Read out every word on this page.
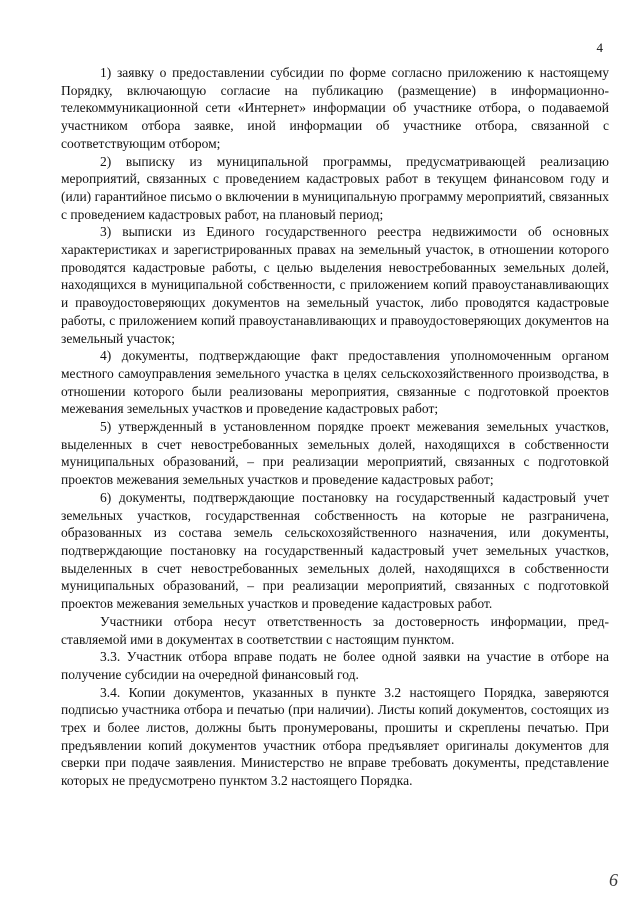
4

1) заявку о предоставлении субсидии по форме согласно приложению к настоящему Порядку, включающую согласие на публикацию (размещение) в информационно-телекоммуникационной сети «Интернет» информации об участнике отбора, о подаваемой участником отбора заявке, иной информации об участнике отбора, связанной с соответствующим отбором;

2) выписку из муниципальной программы, предусматривающей реализацию мероприятий, связанных с проведением кадастровых работ в текущем финансовом году и (или) гарантийное письмо о включении в муниципальную программу мероприятий, связанных с проведением кадастровых работ, на плановый период;

3) выписки из Единого государственного реестра недвижимости об основных характеристиках и зарегистрированных правах на земельный участок, в отношении которого проводятся кадастровые работы, с целью выделения невостребованных земельных долей, находящихся в муниципальной собственности, с приложением копий правоустанавливающих и правоудостоверяющих документов на земельный участок, либо проводятся кадастровые работы, с приложением копий правоустанавливающих и правоудостоверяющих документов на земельный участок;

4) документы, подтверждающие факт предоставления уполномоченным органом местного самоуправления земельного участка в целях сельскохозяйственного производства, в отношении которого были реализованы мероприятия, связанные с подготовкой проектов межевания земельных участков и проведение кадастровых работ;

5) утвержденный в установленном порядке проект межевания земельных участков, выделенных в счет невостребованных земельных долей, находящихся в собственности муниципальных образований, – при реализации мероприятий, связанных с подготовкой проектов межевания земельных участков и проведение кадастровых работ;

6) документы, подтверждающие постановку на государственный кадастровый учет земельных участков, государственная собственность на которые не разграничена, образованных из состава земель сельскохозяйственного назначения, или документы, подтверждающие постановку на государственный кадастровый учет земельных участков, выделенных в счет невостребованных земельных долей, находящихся в собственности муниципальных образований, – при реализации мероприятий, связанных с подготовкой проектов межевания земельных участков и проведение кадастровых работ.

Участники отбора несут ответственность за достоверность информации, представляемой ими в документах в соответствии с настоящим пунктом.

3.3. Участник отбора вправе подать не более одной заявки на участие в отборе на получение субсидии на очередной финансовый год.

3.4. Копии документов, указанных в пункте 3.2 настоящего Порядка, заверяются подписью участника отбора и печатью (при наличии). Листы копий документов, состоящих из трех и более листов, должны быть пронумерованы, прошиты и скреплены печатью. При предъявлении копий документов участник отбора предъявляет оригиналы документов для сверки при подаче заявления. Министерство не вправе требовать документы, представление которых не предусмотрено пунктом 3.2 настоящего Порядка.

6
